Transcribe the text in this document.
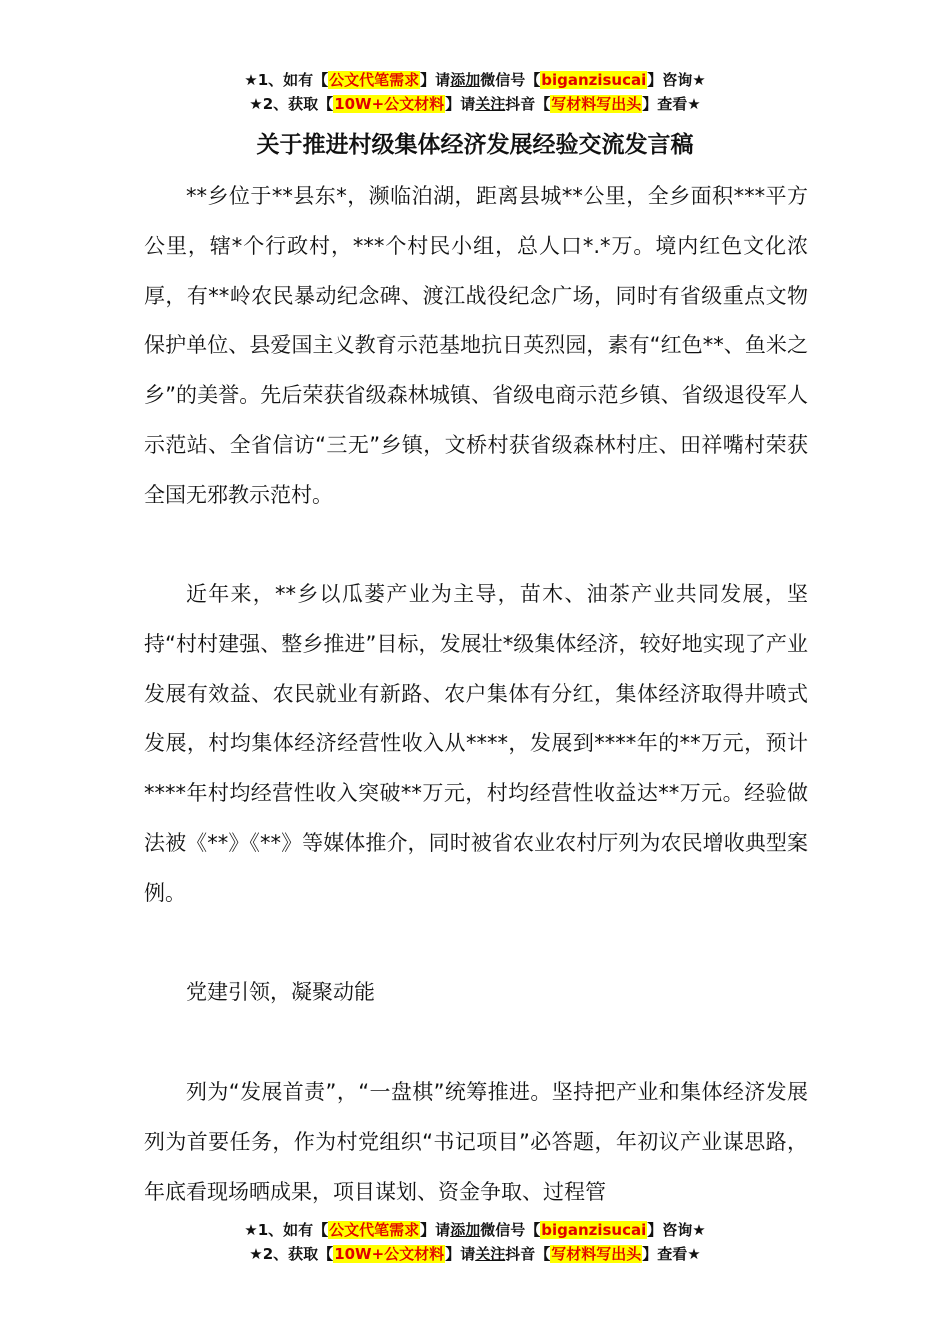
★1、如有【公文代笔需求】请添加微信号【biganzisucai】咨询★
★2、获取【10W+公文材料】请关注抖音【写材料写出头】查看★
关于推进村级集体经济发展经验交流发言稿

**乡位于**县东*，濒临泊湖，距离县城**公里，全乡面积***平方公里，辖*个行政村，***个村民小组，总人口*.*万。境内红色文化浓厚，有**岭农民暴动纪念碑、渡江战役纪念广场，同时有省级重点文物保护单位、县爱国主义教育示范基地抗日英烈园，素有“红色**、鱼米之乡”的美誉。先后荣获省级森林城镇、省级电商示范乡镇、省级退役军人示范站、全省信访“三无”乡镇，文桥村获省级森林村庄、田祥嘴村荣获全国无邪教示范村。

近年来，**乡以瓜蒌产业为主导，苗木、油茶产业共同发展，坚持“村村建强、整乡推进”目标，发展壮*级集体经济，较好地实现了产业发展有效益、农民就业有新路、农户集体有分红，集体经济取得井喷式发展，村均集体经济经营性收入从****，发展到****年的**万元，预计****年村均经营性收入突破**万元，村均经营性收益达**万元。经验做法被《**》《**》等媒体推介，同时被省农业农村厅列为农民增收典型案例。

党建引领，凝聚动能

列为“发展首责”，“一盘棋”统筹推进。坚持把产业和集体经济发展列为首要任务，作为村党组织“书记项目”必答题，年初议产业谋思路，年底看现场晒成果，项目谋划、资金争取、过程管

★1、如有【公文代笔需求】请添加微信号【biganzisucai】咨询★
★2、获取【10W+公文材料】请关注抖音【写材料写出头】查看★
